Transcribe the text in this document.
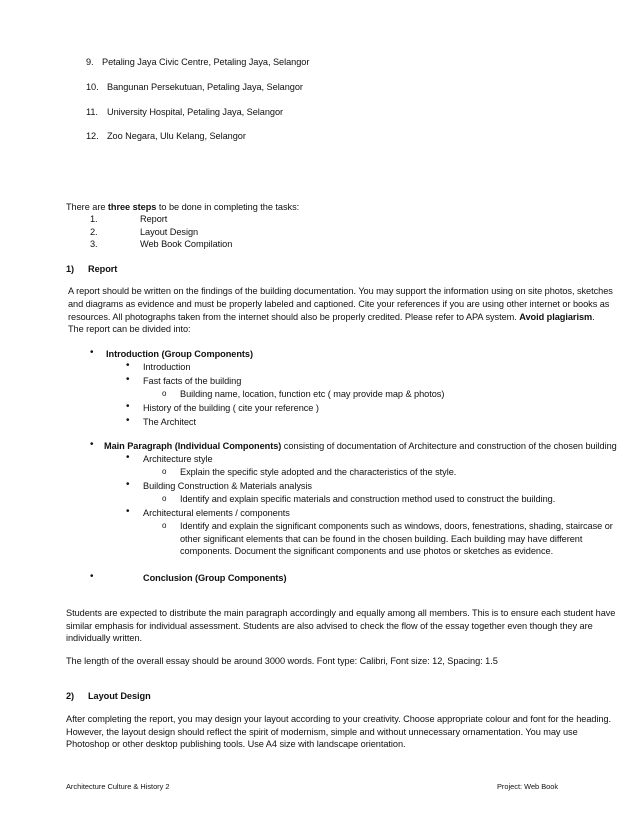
9. Petaling Jaya Civic Centre, Petaling Jaya, Selangor
10. Bangunan Persekutuan, Petaling Jaya, Selangor
11. University Hospital, Petaling Jaya, Selangor
12. Zoo Negara, Ulu Kelang, Selangor
There are three steps to be done in completing the tasks:
1.	Report
2.	Layout Design
3.	Web Book Compilation
1) Report
A report should be written on the findings of the building documentation. You may support the information using on site photos, sketches
and diagrams as evidence and must be properly labeled and captioned. Cite your references if you are using other internet or books as
resources. All photographs taken from the internet should also be properly credited. Please refer to APA system. Avoid plagiarism.
The report can be divided into:
• Introduction (Group Components)
• Introduction
• Fast facts of the building
o Building name, location, function etc ( may provide map & photos)
• History of the building ( cite your reference )
• The Architect
• Main Paragraph (Individual Components) consisting of documentation of Architecture and construction of the chosen building
• Architecture style
o Explain the specific style adopted and the characteristics of the style.
• Building Construction & Materials analysis
o Identify and explain specific materials and construction method used to construct the building.
• Architectural elements / components
o Identify and explain the significant components such as windows, doors, fenestrations, shading, staircase or
other significant elements that can be found in the chosen building. Each building may have different
components. Document the significant components and use photos or sketches as evidence.
•	Conclusion (Group Components)
Students are expected to distribute the main paragraph accordingly and equally among all members. This is to ensure each student have
similar emphasis for individual assessment. Students are also advised to check the flow of the essay together even though they are
individually written.
The length of the overall essay should be around 3000 words. Font type: Calibri, Font size: 12, Spacing: 1.5
2) Layout Design
After completing the report, you may design your layout according to your creativity. Choose appropriate colour and font for the heading.
However, the layout design should reflect the spirit of modernism, simple and without unnecessary ornamentation. You may use
Photoshop or other desktop publishing tools. Use A4 size with landscape orientation.
Architecture Culture & History 2	Project: Web Book
